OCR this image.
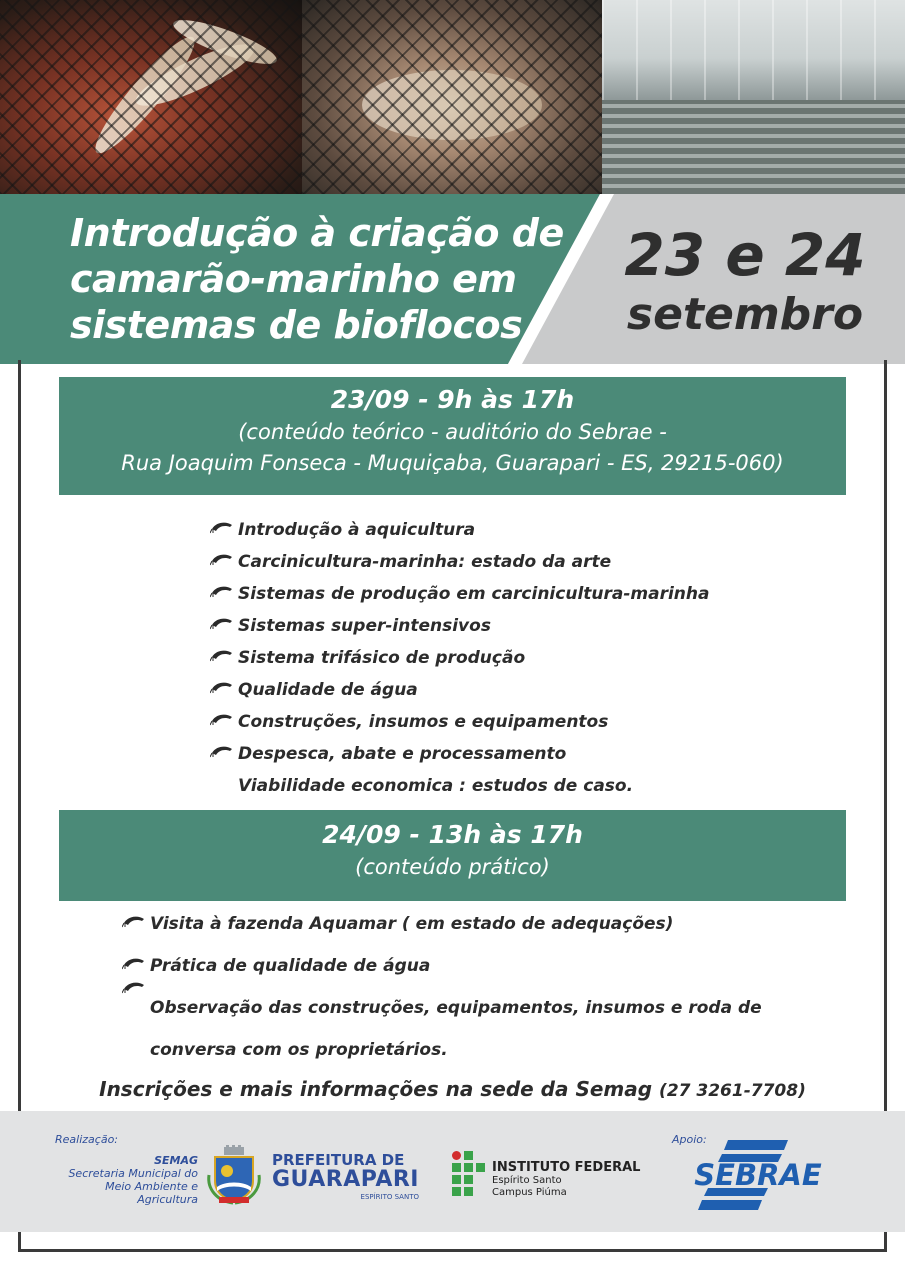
Introdução à criação de
camarão-marinho em
sistemas de bioflocos
23 e 24
setembro
23/09 - 9h às 17h
(conteúdo teórico - auditório do Sebrae -
Rua Joaquim Fonseca - Muquiçaba, Guarapari - ES, 29215-060)
Introdução à aquicultura
Carcinicultura-marinha: estado da arte
Sistemas de produção em carcinicultura-marinha
Sistemas super-intensivos
Sistema trifásico de produção
Qualidade de água
Construções, insumos e equipamentos
Despesca, abate e processamento
Viabilidade economica : estudos de caso.
24/09 - 13h às 17h
(conteúdo prático)
Visita à fazenda Aquamar ( em estado de adequações)
Prática de qualidade de água
Observação das construções, equipamentos, insumos e roda de
conversa com os proprietários.
Inscrições e mais informações na sede da Semag (27 3261-7708)
Realização:	Apoio:
SEMAG
Secretaria Municipal do
Meio Ambiente e Agricultura
PREFEITURA DE
GUARAPARI
ESPÍRITO SANTO
INSTITUTO FEDERAL
Espírito Santo
Campus Piúma
SEBRAE
